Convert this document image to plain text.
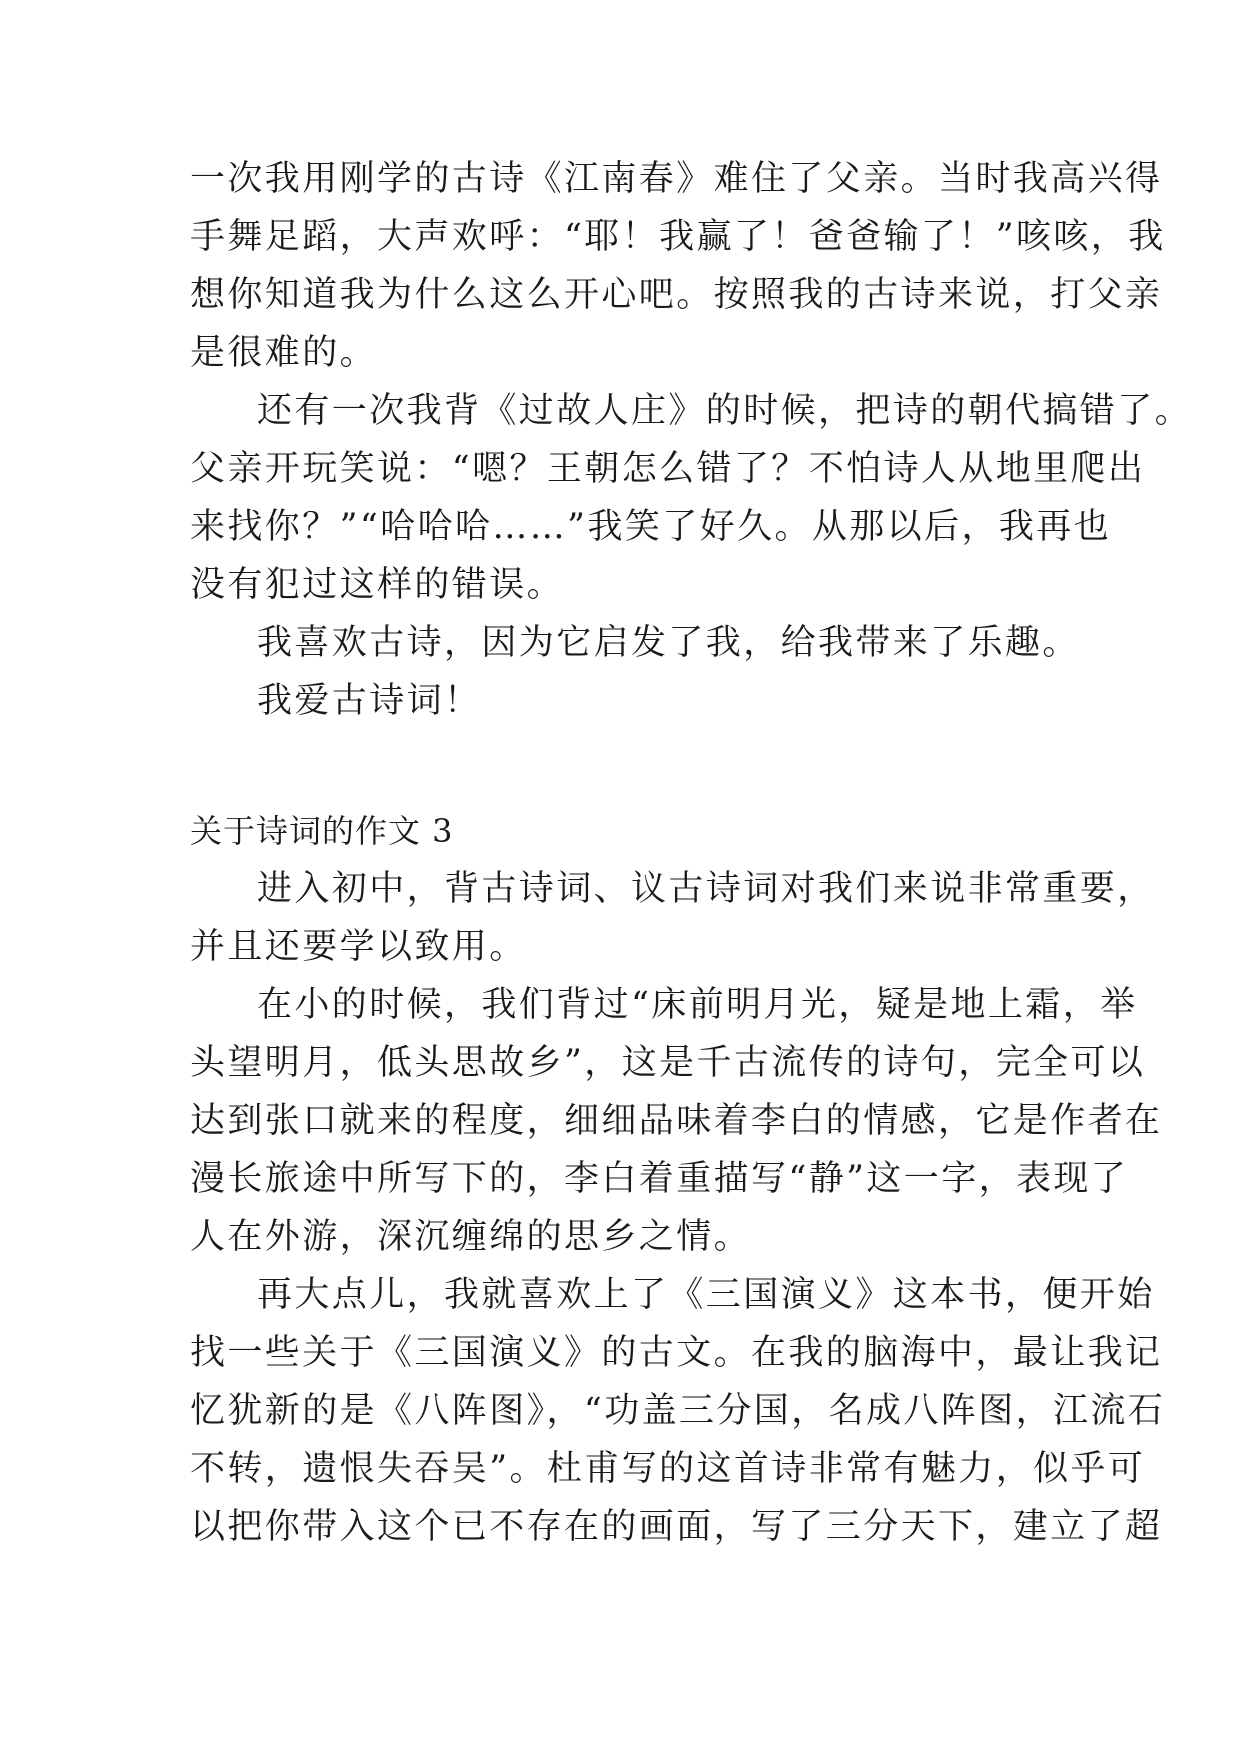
一次我用刚学的古诗《江南春》难住了父亲。当时我高兴得
手舞足蹈，大声欢呼：“耶！我赢了！爸爸输了！”咳咳，我
想你知道我为什么这么开心吧。按照我的古诗来说，打父亲
是很难的。
还有一次我背《过故人庄》的时候，把诗的朝代搞错了。
父亲开玩笑说：“嗯？王朝怎么错了？不怕诗人从地里爬出
来找你？”“哈哈哈……”我笑了好久。从那以后，我再也
没有犯过这样的错误。
我喜欢古诗，因为它启发了我，给我带来了乐趣。
我爱古诗词！
关于诗词的作文 3
进入初中，背古诗词、议古诗词对我们来说非常重要，
并且还要学以致用。
在小的时候，我们背过“床前明月光，疑是地上霜，举
头望明月，低头思故乡”，这是千古流传的诗句，完全可以
达到张口就来的程度，细细品味着李白的情感，它是作者在
漫长旅途中所写下的，李白着重描写“静”这一字，表现了
人在外游，深沉缠绵的思乡之情。
再大点儿，我就喜欢上了《三国演义》这本书，便开始
找一些关于《三国演义》的古文。在我的脑海中，最让我记
忆犹新的是《八阵图》，“功盖三分国，名成八阵图，江流石
不转，遗恨失吞吴”。杜甫写的这首诗非常有魅力，似乎可
以把你带入这个已不存在的画面，写了三分天下，建立了超
